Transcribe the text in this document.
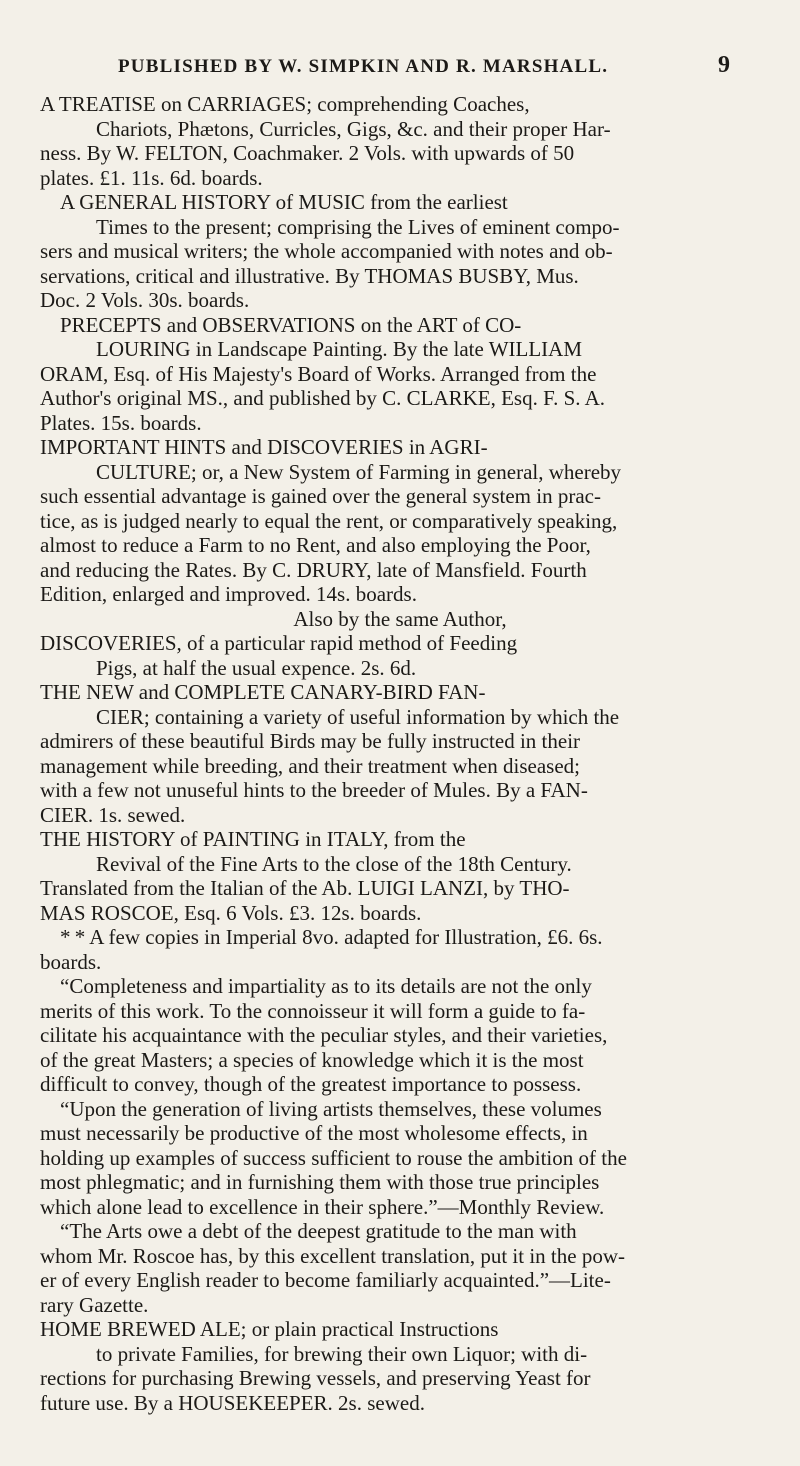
PUBLISHED BY W. SIMPKIN AND R. MARSHALL.	9
A TREATISE on CARRIAGES; comprehending Coaches,
Chariots, Phætons, Curricles, Gigs, &c. and their proper Har-
ness. By W. FELTON, Coachmaker. 2 Vols. with upwards of 50
plates. £1. 11s. 6d. boards.
A GENERAL HISTORY of MUSIC from the earliest
Times to the present; comprising the Lives of eminent compo-
sers and musical writers; the whole accompanied with notes and ob-
servations, critical and illustrative. By THOMAS BUSBY, Mus.
Doc. 2 Vols. 30s. boards.
PRECEPTS and OBSERVATIONS on the ART of CO-
LOURING in Landscape Painting. By the late WILLIAM
ORAM, Esq. of His Majesty's Board of Works. Arranged from the
Author's original MS., and published by C. CLARKE, Esq. F. S. A.
Plates. 15s. boards.
IMPORTANT HINTS and DISCOVERIES in AGRI-
CULTURE; or, a New System of Farming in general, whereby
such essential advantage is gained over the general system in prac-
tice, as is judged nearly to equal the rent, or comparatively speaking,
almost to reduce a Farm to no Rent, and also employing the Poor,
and reducing the Rates. By C. DRURY, late of Mansfield. Fourth
Edition, enlarged and improved. 14s. boards.
Also by the same Author,
DISCOVERIES, of a particular rapid method of Feeding
Pigs, at half the usual expence. 2s. 6d.
THE NEW and COMPLETE CANARY-BIRD FAN-
CIER; containing a variety of useful information by which the
admirers of these beautiful Birds may be fully instructed in their
management while breeding, and their treatment when diseased;
with a few not unuseful hints to the breeder of Mules. By a FAN-
CIER. 1s. sewed.
THE HISTORY of PAINTING in ITALY, from the
Revival of the Fine Arts to the close of the 18th Century.
Translated from the Italian of the Ab. LUIGI LANZI, by THO-
MAS ROSCOE, Esq. 6 Vols. £3. 12s. boards.
* * A few copies in Imperial 8vo. adapted for Illustration, £6. 6s.
boards.
“Completeness and impartiality as to its details are not the only
merits of this work. To the connoisseur it will form a guide to fa-
cilitate his acquaintance with the peculiar styles, and their varieties,
of the great Masters; a species of knowledge which it is the most
difficult to convey, though of the greatest importance to possess.
“Upon the generation of living artists themselves, these volumes
must necessarily be productive of the most wholesome effects, in
holding up examples of success sufficient to rouse the ambition of the
most phlegmatic; and in furnishing them with those true principles
which alone lead to excellence in their sphere.”—Monthly Review.
“The Arts owe a debt of the deepest gratitude to the man with
whom Mr. Roscoe has, by this excellent translation, put it in the pow-
er of every English reader to become familiarly acquainted.”—Lite-
rary Gazette.
HOME BREWED ALE; or plain practical Instructions
to private Families, for brewing their own Liquor; with di-
rections for purchasing Brewing vessels, and preserving Yeast for
future use. By a HOUSEKEEPER. 2s. sewed.
